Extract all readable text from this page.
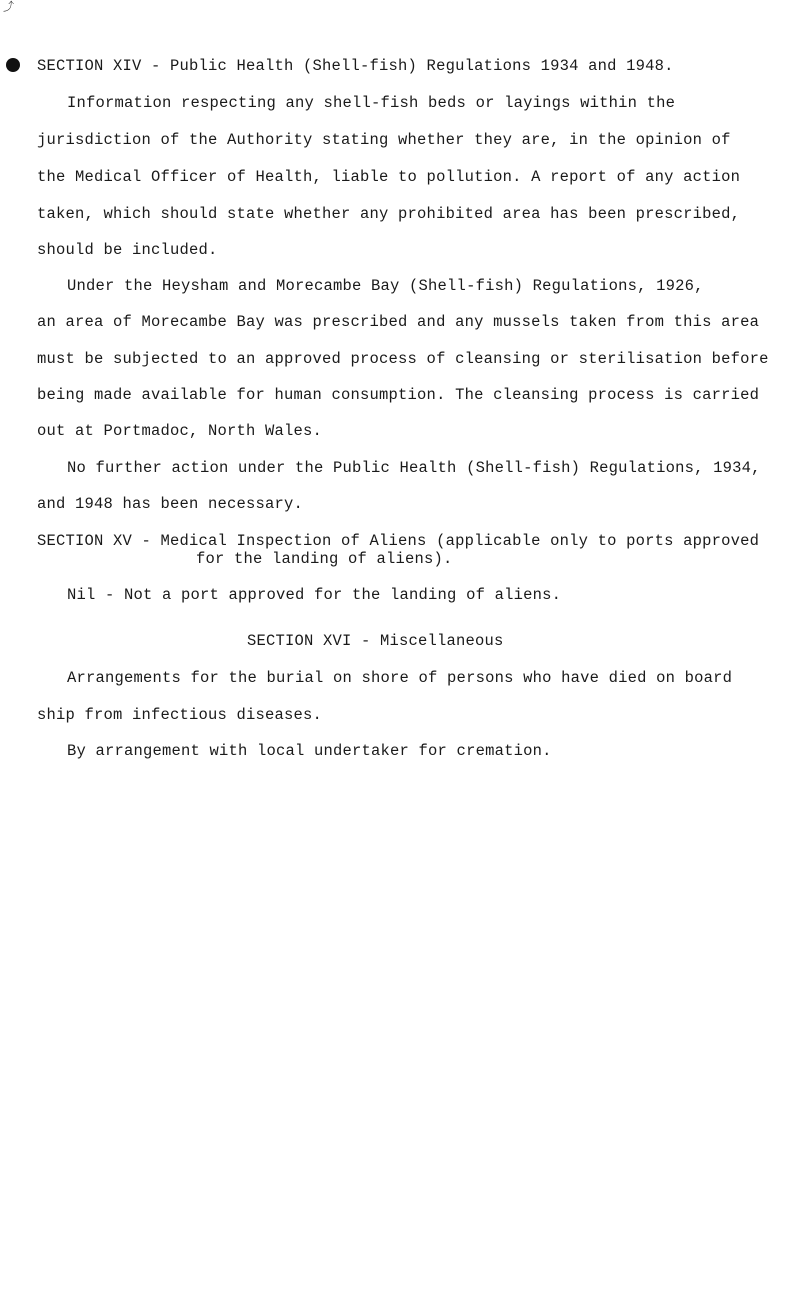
⤴
SECTION XIV - Public Health (Shell-fish) Regulations 1934 and 1948.
Information respecting any shell-fish beds or layings within the
jurisdiction of the Authority stating whether they are, in the opinion of
the Medical Officer of Health, liable to pollution. A report of any action
taken, which should state whether any prohibited area has been prescribed,
should be included.
Under the Heysham and Morecambe Bay (Shell-fish) Regulations, 1926,
an area of Morecambe Bay was prescribed and any mussels taken from this area
must be subjected to an approved process of cleansing or sterilisation before
being made available for human consumption. The cleansing process is carried
out at Portmadoc, North Wales.
No further action under the Public Health (Shell-fish) Regulations, 1934,
and 1948 has been necessary.
SECTION XV - Medical Inspection of Aliens (applicable only to ports approved
for the landing of aliens).
Nil - Not a port approved for the landing of aliens.
SECTION XVI - Miscellaneous
Arrangements for the burial on shore of persons who have died on board
ship from infectious diseases.
By arrangement with local undertaker for cremation.
